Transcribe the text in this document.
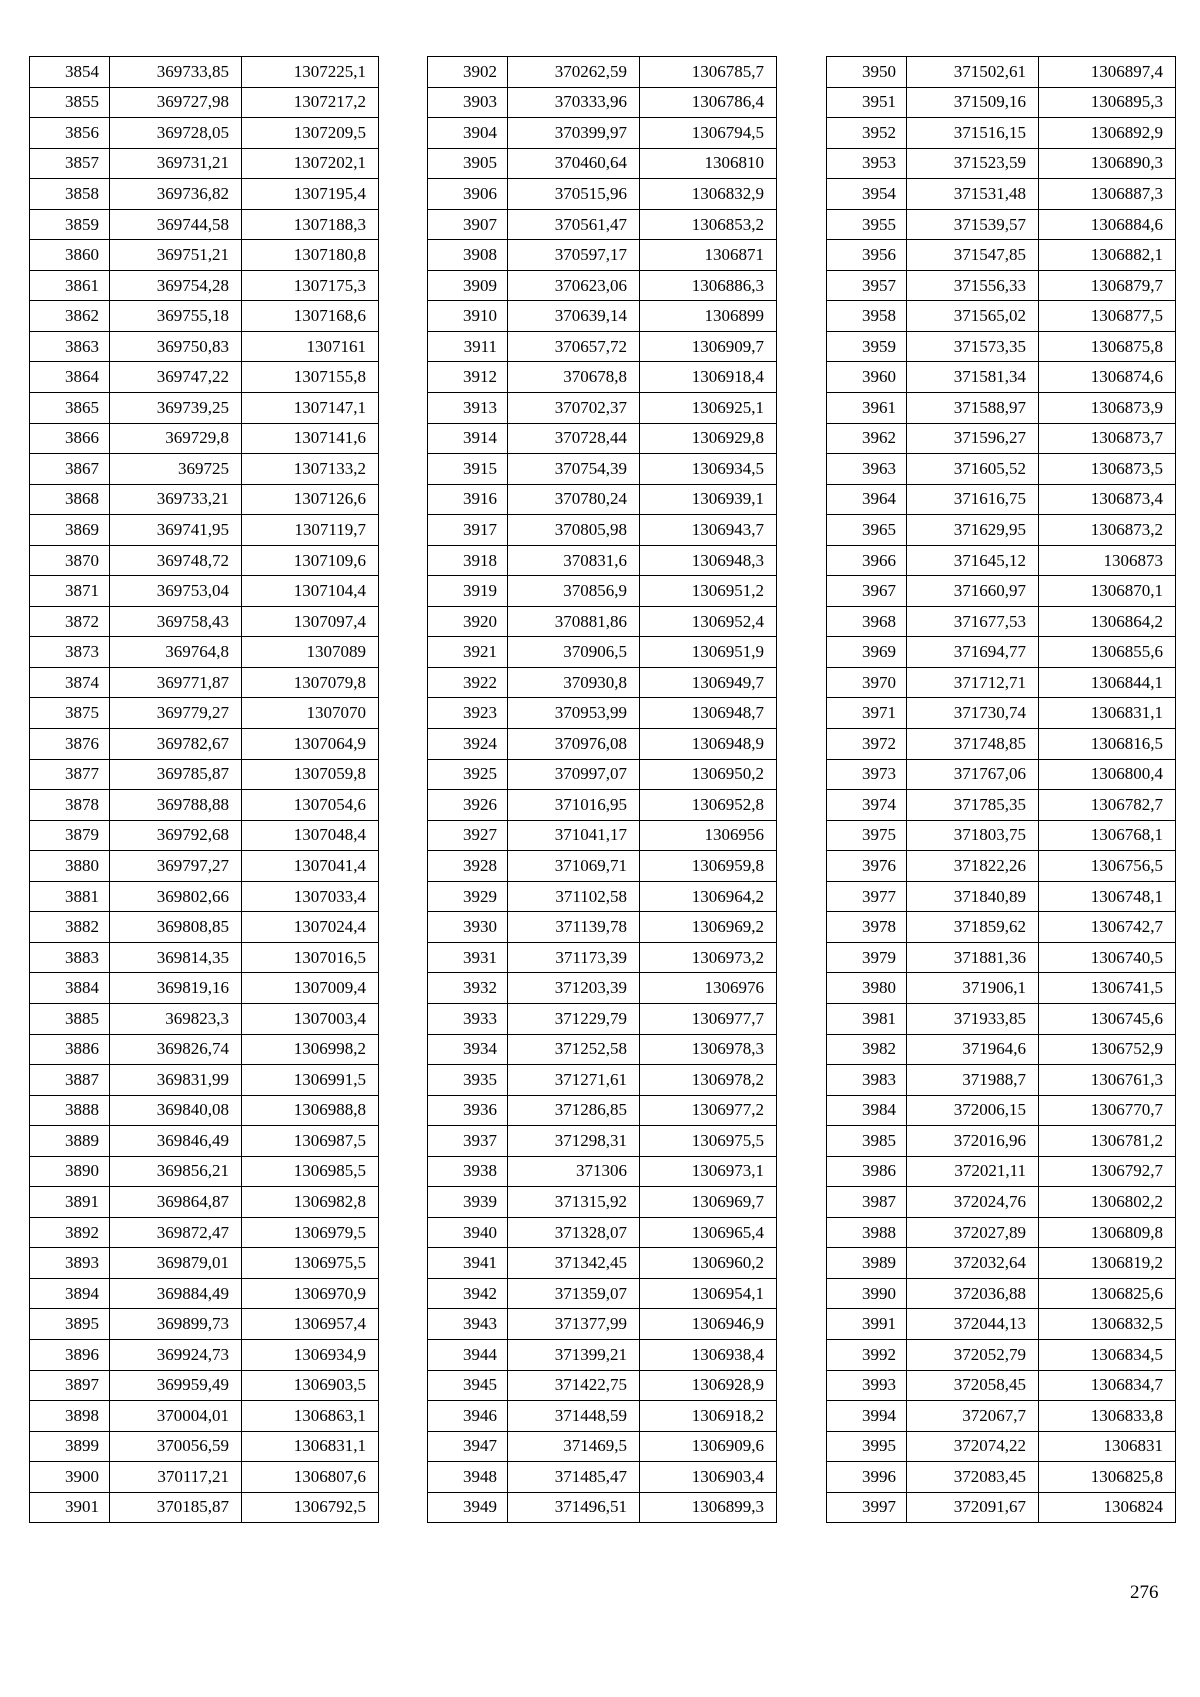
3854	369733,85	1307225,1
3855	369727,98	1307217,2
3856	369728,05	1307209,5
3857	369731,21	1307202,1
3858	369736,82	1307195,4
3859	369744,58	1307188,3
3860	369751,21	1307180,8
3861	369754,28	1307175,3
3862	369755,18	1307168,6
3863	369750,83	1307161
3864	369747,22	1307155,8
3865	369739,25	1307147,1
3866	369729,8	1307141,6
3867	369725	1307133,2
3868	369733,21	1307126,6
3869	369741,95	1307119,7
3870	369748,72	1307109,6
3871	369753,04	1307104,4
3872	369758,43	1307097,4
3873	369764,8	1307089
3874	369771,87	1307079,8
3875	369779,27	1307070
3876	369782,67	1307064,9
3877	369785,87	1307059,8
3878	369788,88	1307054,6
3879	369792,68	1307048,4
3880	369797,27	1307041,4
3881	369802,66	1307033,4
3882	369808,85	1307024,4
3883	369814,35	1307016,5
3884	369819,16	1307009,4
3885	369823,3	1307003,4
3886	369826,74	1306998,2
3887	369831,99	1306991,5
3888	369840,08	1306988,8
3889	369846,49	1306987,5
3890	369856,21	1306985,5
3891	369864,87	1306982,8
3892	369872,47	1306979,5
3893	369879,01	1306975,5
3894	369884,49	1306970,9
3895	369899,73	1306957,4
3896	369924,73	1306934,9
3897	369959,49	1306903,5
3898	370004,01	1306863,1
3899	370056,59	1306831,1
3900	370117,21	1306807,6
3901	370185,87	1306792,5
3902	370262,59	1306785,7
3903	370333,96	1306786,4
3904	370399,97	1306794,5
3905	370460,64	1306810
3906	370515,96	1306832,9
3907	370561,47	1306853,2
3908	370597,17	1306871
3909	370623,06	1306886,3
3910	370639,14	1306899
3911	370657,72	1306909,7
3912	370678,8	1306918,4
3913	370702,37	1306925,1
3914	370728,44	1306929,8
3915	370754,39	1306934,5
3916	370780,24	1306939,1
3917	370805,98	1306943,7
3918	370831,6	1306948,3
3919	370856,9	1306951,2
3920	370881,86	1306952,4
3921	370906,5	1306951,9
3922	370930,8	1306949,7
3923	370953,99	1306948,7
3924	370976,08	1306948,9
3925	370997,07	1306950,2
3926	371016,95	1306952,8
3927	371041,17	1306956
3928	371069,71	1306959,8
3929	371102,58	1306964,2
3930	371139,78	1306969,2
3931	371173,39	1306973,2
3932	371203,39	1306976
3933	371229,79	1306977,7
3934	371252,58	1306978,3
3935	371271,61	1306978,2
3936	371286,85	1306977,2
3937	371298,31	1306975,5
3938	371306	1306973,1
3939	371315,92	1306969,7
3940	371328,07	1306965,4
3941	371342,45	1306960,2
3942	371359,07	1306954,1
3943	371377,99	1306946,9
3944	371399,21	1306938,4
3945	371422,75	1306928,9
3946	371448,59	1306918,2
3947	371469,5	1306909,6
3948	371485,47	1306903,4
3949	371496,51	1306899,3
3950	371502,61	1306897,4
3951	371509,16	1306895,3
3952	371516,15	1306892,9
3953	371523,59	1306890,3
3954	371531,48	1306887,3
3955	371539,57	1306884,6
3956	371547,85	1306882,1
3957	371556,33	1306879,7
3958	371565,02	1306877,5
3959	371573,35	1306875,8
3960	371581,34	1306874,6
3961	371588,97	1306873,9
3962	371596,27	1306873,7
3963	371605,52	1306873,5
3964	371616,75	1306873,4
3965	371629,95	1306873,2
3966	371645,12	1306873
3967	371660,97	1306870,1
3968	371677,53	1306864,2
3969	371694,77	1306855,6
3970	371712,71	1306844,1
3971	371730,74	1306831,1
3972	371748,85	1306816,5
3973	371767,06	1306800,4
3974	371785,35	1306782,7
3975	371803,75	1306768,1
3976	371822,26	1306756,5
3977	371840,89	1306748,1
3978	371859,62	1306742,7
3979	371881,36	1306740,5
3980	371906,1	1306741,5
3981	371933,85	1306745,6
3982	371964,6	1306752,9
3983	371988,7	1306761,3
3984	372006,15	1306770,7
3985	372016,96	1306781,2
3986	372021,11	1306792,7
3987	372024,76	1306802,2
3988	372027,89	1306809,8
3989	372032,64	1306819,2
3990	372036,88	1306825,6
3991	372044,13	1306832,5
3992	372052,79	1306834,5
3993	372058,45	1306834,7
3994	372067,7	1306833,8
3995	372074,22	1306831
3996	372083,45	1306825,8
3997	372091,67	1306824
276
